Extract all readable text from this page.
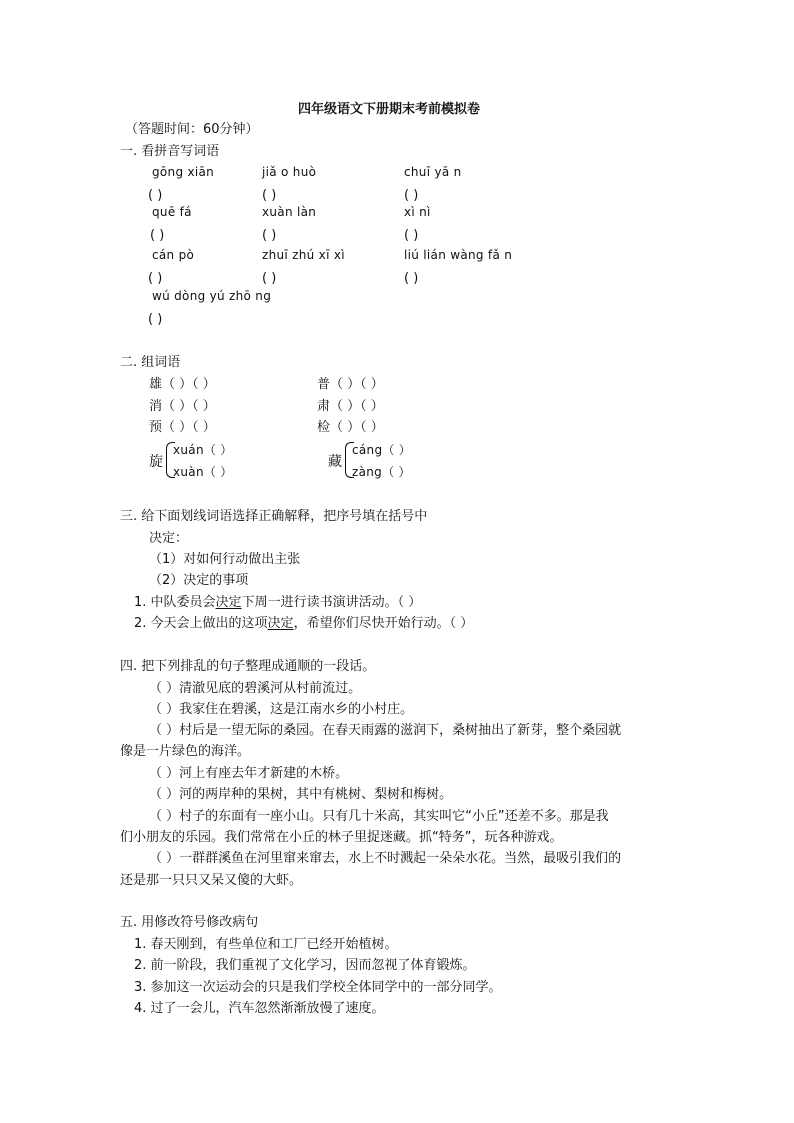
四年级语文下册期末考前模拟卷
（答题时间：60分钟）
一. 看拼音写词语
gōng xiān	jiǎ o huò	chuī yā n
( )	( )	( )
quē fá	xuàn làn	xì nì
( )	( )	( )
cán pò	zhuī zhú xī xì	liú lián wàng fǎ n
( )	( )	( )
wú dòng yú zhō ng
( )
二. 组词语
雄（ ）（ ）	普（ ）（ ）
消（ ）（ ）	肃（ ）（ ）
预（ ）（ ）	检（ ）（ ）
旋
xuán（ ）
xuàn（ ）
藏
cáng（ ）
zàng（ ）
三. 给下面划线词语选择正确解释，把序号填在括号中
决定：
（1）对如何行动做出主张
（2）决定的事项
1. 中队委员会决定下周一进行读书演讲活动。（ ）
2. 今天会上做出的这项决定，希望你们尽快开始行动。（ ）
四. 把下列排乱的句子整理成通顺的一段话。
（ ）清澈见底的碧溪河从村前流过。
（ ）我家住在碧溪，这是江南水乡的小村庄。
（ ）村后是一望无际的桑园。在春天雨露的滋润下，桑树抽出了新芽，整个桑园就
像是一片绿色的海洋。
（ ）河上有座去年才新建的木桥。
（ ）河的两岸种的果树，其中有桃树、梨树和梅树。
（ ）村子的东面有一座小山。只有几十米高，其实叫它“小丘”还差不多。那是我
们小朋友的乐园。我们常常在小丘的林子里捉迷藏。抓“特务”，玩各种游戏。
（ ）一群群溪鱼在河里窜来窜去，水上不时溅起一朵朵水花。当然，最吸引我们的
还是那一只只又呆又傻的大虾。
五. 用修改符号修改病句
1. 春天刚到，有些单位和工厂已经开始植树。
2. 前一阶段，我们重视了文化学习，因而忽视了体育锻炼。
3. 参加这一次运动会的只是我们学校全体同学中的一部分同学。
4. 过了一会儿，汽车忽然渐渐放慢了速度。
